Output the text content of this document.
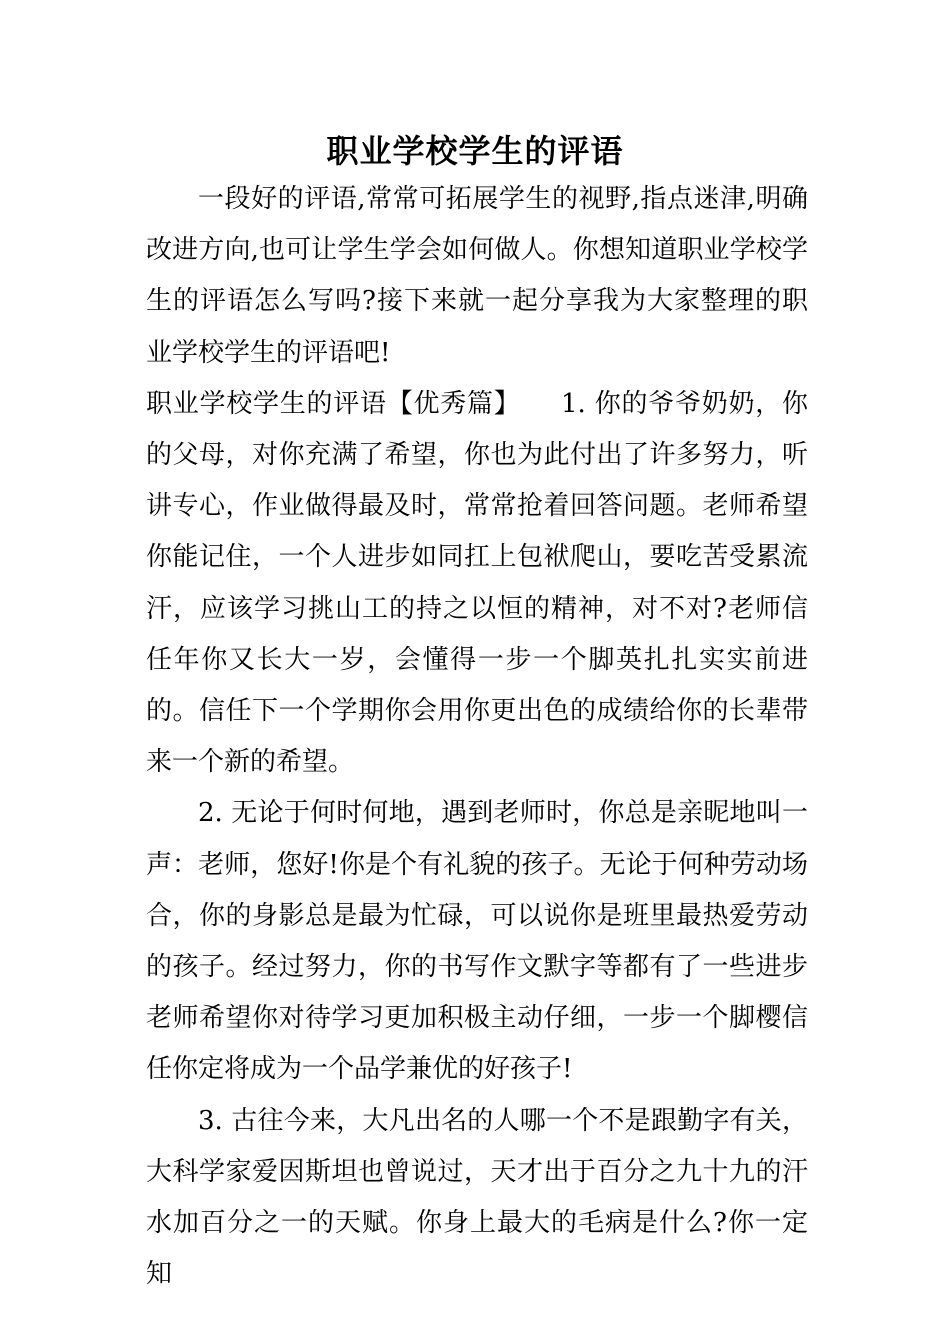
职业学校学生的评语

一段好的评语,常常可拓展学生的视野,指点迷津,明确改进方向,也可让学生学会如何做人。你想知道职业学校学生的评语怎么写吗?接下来就一起分享我为大家整理的职业学校学生的评语吧!

职业学校学生的评语【优秀篇】　　1. 你的爷爷奶奶，你的父母，对你充满了希望，你也为此付出了许多努力，听讲专心，作业做得最及时，常常抢着回答问题。老师希望你能记住，一个人进步如同扛上包袱爬山，要吃苦受累流汗，应该学习挑山工的持之以恒的精神，对不对?老师信任年你又长大一岁，会懂得一步一个脚英扎扎实实前进的。信任下一个学期你会用你更出色的成绩给你的长辈带来一个新的希望。

2. 无论于何时何地，遇到老师时，你总是亲昵地叫一声：老师，您好!你是个有礼貌的孩子。无论于何种劳动场合，你的身影总是最为忙碌，可以说你是班里最热爱劳动的孩子。经过努力，你的书写作文默字等都有了一些进步老师希望你对待学习更加积极主动仔细，一步一个脚樱信任你定将成为一个品学兼优的好孩子!

3. 古往今来，大凡出名的人哪一个不是跟勤字有关，大科学家爱因斯坦也曾说过，天才出于百分之九十九的汗水加百分之一的天赋。你身上最大的毛病是什么?你一定知
